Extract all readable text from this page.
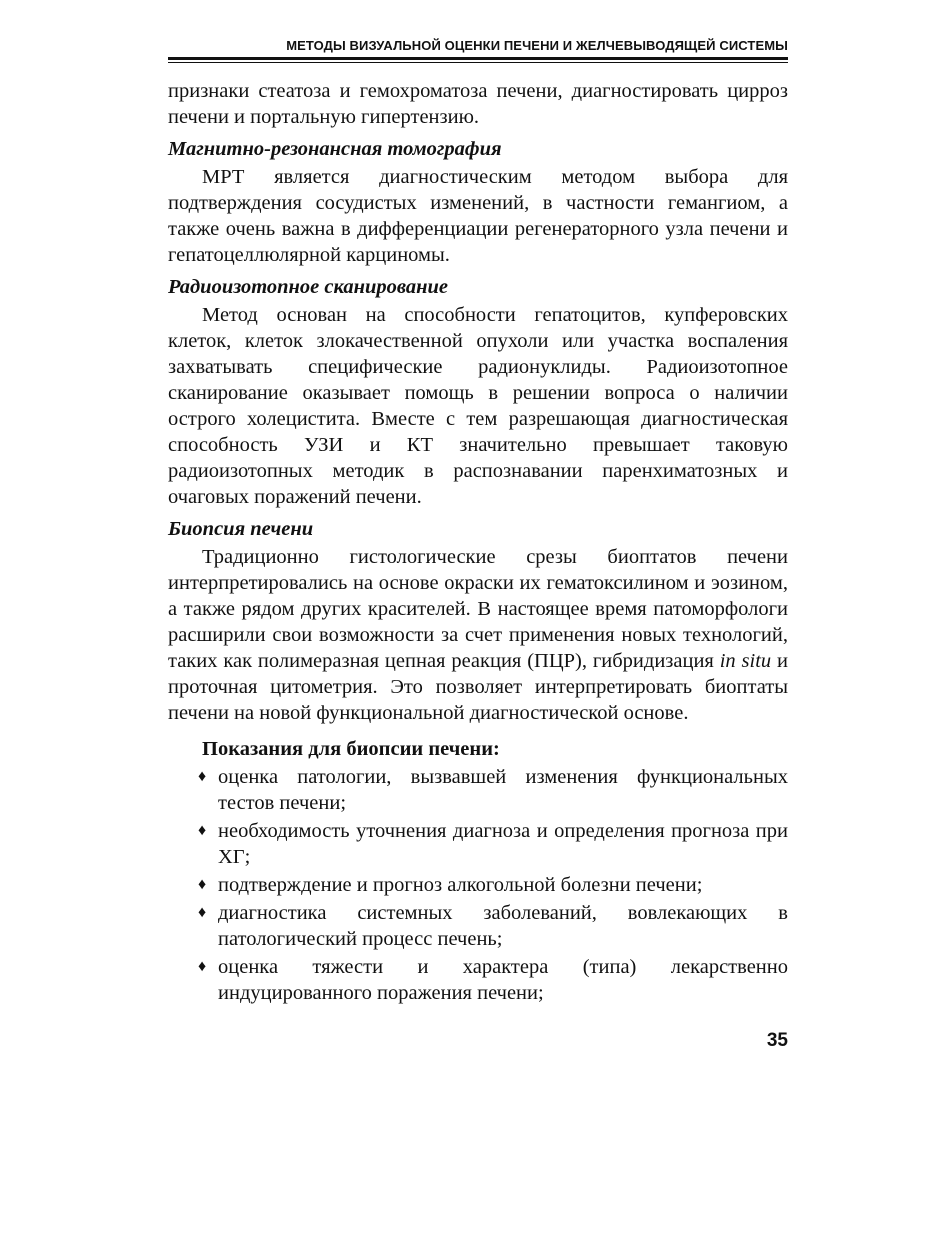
МЕТОДЫ ВИЗУАЛЬНОЙ ОЦЕНКИ ПЕЧЕНИ И ЖЕЛЧЕВЫВОДЯЩЕЙ СИСТЕМЫ

признаки стеатоза и гемохроматоза печени, диагностировать цирроз печени и портальную гипертензию.

Магнитно-резонансная томография

МРТ является диагностическим методом выбора для подтверждения сосудистых изменений, в частности гемангиом, а также очень важна в дифференциации регенераторного узла печени и гепатоцеллюлярной карциномы.

Радиоизотопное сканирование

Метод основан на способности гепатоцитов, купферовских клеток, клеток злокачественной опухоли или участка воспаления захватывать специфические радионуклиды. Радиоизотопное сканирование оказывает помощь в решении вопроса о наличии острого холецистита. Вместе с тем разрешающая диагностическая способность УЗИ и КТ значительно превышает таковую радиоизотопных методик в распознавании паренхиматозных и очаговых поражений печени.

Биопсия печени

Традиционно гистологические срезы биоптатов печени интерпретировались на основе окраски их гематоксилином и эозином, а также рядом других красителей. В настоящее время патоморфологи расширили свои возможности за счет применения новых технологий, таких как полимеразная цепная реакция (ПЦР), гибридизация in situ и проточная цитометрия. Это позволяет интерпретировать биоптаты печени на новой функциональной диагностической основе.

Показания для биопсии печени:

♦ оценка патологии, вызвавшей изменения функциональных тестов печени;
♦ необходимость уточнения диагноза и определения прогноза при ХГ;
♦ подтверждение и прогноз алкогольной болезни печени;
♦ диагностика системных заболеваний, вовлекающих в патологический процесс печень;
♦ оценка тяжести и характера (типа) лекарственно индуцированного поражения печени;
35
